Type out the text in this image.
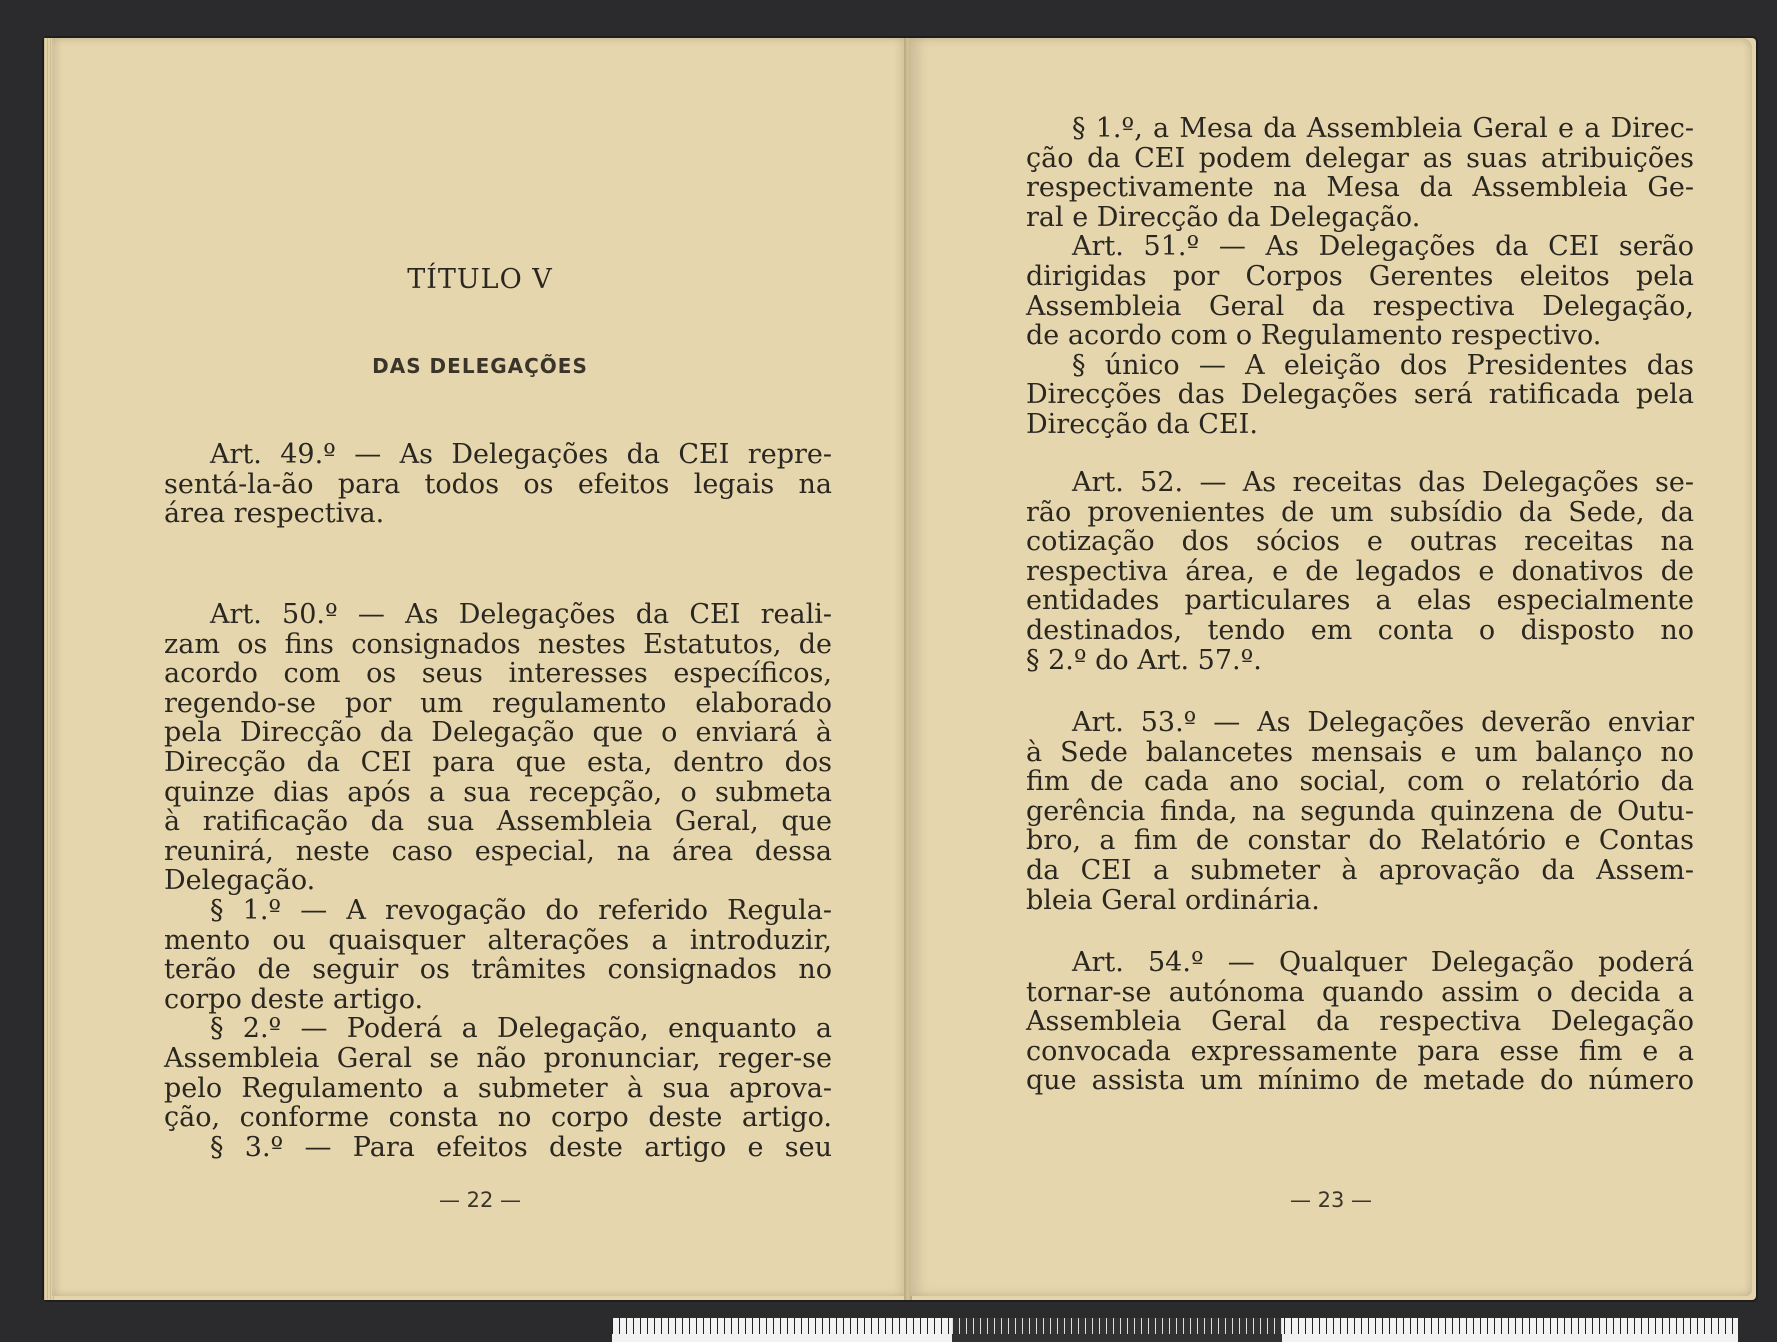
TÍTULO V
DAS DELEGAÇÕES
Art. 49.º — As Delegações da CEI repre-
sentá-la-ão para todos os efeitos legais na
área respectiva.
Art. 50.º — As Delegações da CEI reali-
zam os fins consignados nestes Estatutos, de
acordo com os seus interesses específicos,
regendo-se por um regulamento elaborado
pela Direcção da Delegação que o enviará à
Direcção da CEI para que esta, dentro dos
quinze dias após a sua recepção, o submeta
à ratificação da sua Assembleia Geral, que
reunirá, neste caso especial, na área dessa
Delegação.
§ 1.º — A revogação do referido Regula-
mento ou quaisquer alterações a introduzir,
terão de seguir os trâmites consignados no
corpo deste artigo.
§ 2.º — Poderá a Delegação, enquanto a
Assembleia Geral se não pronunciar, reger-se
pelo Regulamento a submeter à sua aprova-
ção, conforme consta no corpo deste artigo.
§ 3.º — Para efeitos deste artigo e seu
— 22 —
§ 1.º, a Mesa da Assembleia Geral e a Direc-
ção da CEI podem delegar as suas atribuições
respectivamente na Mesa da Assembleia Ge-
ral e Direcção da Delegação.
Art. 51.º — As Delegações da CEI serão
dirigidas por Corpos Gerentes eleitos pela
Assembleia Geral da respectiva Delegação,
de acordo com o Regulamento respectivo.
§ único — A eleição dos Presidentes das
Direcções das Delegações será ratificada pela
Direcção da CEI.
Art. 52. — As receitas das Delegações se-
rão provenientes de um subsídio da Sede, da
cotização dos sócios e outras receitas na
respectiva área, e de legados e donativos de
entidades particulares a elas especialmente
destinados, tendo em conta o disposto no
§ 2.º do Art. 57.º.
Art. 53.º — As Delegações deverão enviar
à Sede balancetes mensais e um balanço no
fim de cada ano social, com o relatório da
gerência finda, na segunda quinzena de Outu-
bro, a fim de constar do Relatório e Contas
da CEI a submeter à aprovação da Assem-
bleia Geral ordinária.
Art. 54.º — Qualquer Delegação poderá
tornar-se autónoma quando assim o decida a
Assembleia Geral da respectiva Delegação
convocada expressamente para esse fim e a
que assista um mínimo de metade do número
— 23 —
